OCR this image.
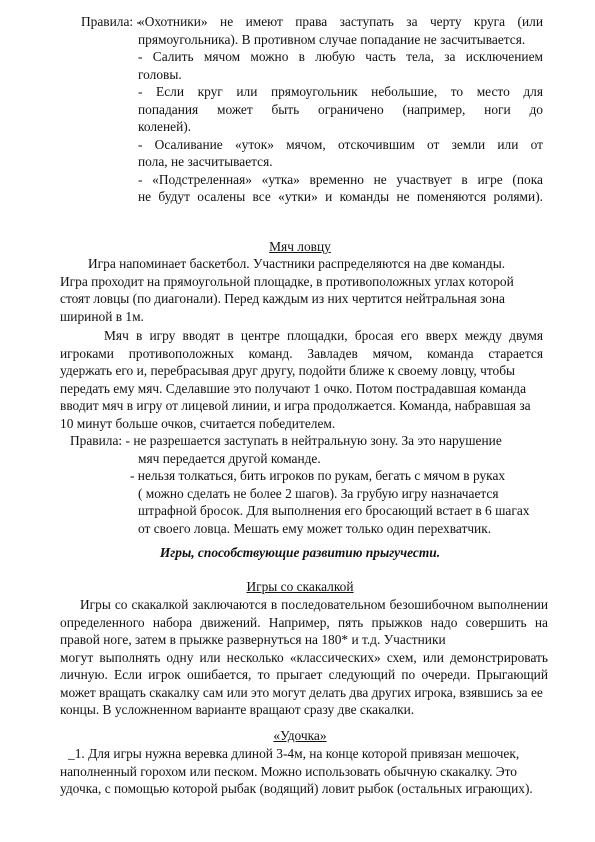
Правила: -
«Охотники» не имеют права заступать за черту круга (или
прямоугольника). В противном случае попадание не засчитывается.
- Салить мячом можно в любую часть тела, за исключением
головы.
- Если круг или прямоугольник небольшие, то место для
попадания может быть ограничено (например, ноги до
коленей).
- Осаливание «уток» мячом, отскочившим от земли или от
пола, не засчитывается.
- «Подстреленная» «утка» временно не участвует в игре (пока
не будут осалены все «утки» и команды не поменяются ролями).
Мяч ловцу
Игра напоминает баскетбол. Участники распределяются на две команды.
Игра проходит на прямоугольной площадке, в противоположных углах которой
стоят ловцы (по диагонали). Перед каждым из них чертится нейтральная зона
шириной в 1м.
Мяч в игру вводят в центре площадки, бросая его вверх между двумя
игроками противоположных команд. Завладев мячом, команда старается
удержать его и, перебрасывая друг другу, подойти ближе к своему ловцу, чтобы
передать ему мяч. Сделавшие это получают 1 очко. Потом пострадавшая команда
вводит мяч в игру от лицевой линии, и игра продолжается. Команда, набравшая за
10 минут больше очков, считается победителем.
Правила: - не разрешается заступать в нейтральную зону. За это нарушение
мяч передается другой команде.
- нельзя толкаться, бить игроков по рукам, бегать с мячом в руках
( можно сделать не более 2 шагов). За грубую игру назначается
штрафной бросок. Для выполнения его бросающий встает в 6 шагах
от своего ловца. Мешать ему может только один перехватчик.
Игры, способствующие развитию прыгучести.
Игры со скакалкой
Игры со скакалкой заключаются в последовательном безошибочном выполнении
определенного набора движений. Например, пять прыжков надо совершить на
правой ноге, затем в прыжке развернуться на 180* и т.д. Участники
могут выполнять одну или несколько «классических» схем, или демонстрировать
личную. Если игрок ошибается, то прыгает следующий по очереди. Прыгающий
может вращать скакалку сам или это могут делать два других игрока, взявшись за ее
концы. В усложненном варианте вращают сразу две скакалки.
«Удочка»
_1. Для игры нужна веревка длиной 3-4м, на конце которой привязан мешочек,
наполненный горохом или песком. Можно использовать обычную скакалку. Это
удочка, с помощью которой рыбак (водящий) ловит рыбок (остальных играющих).
